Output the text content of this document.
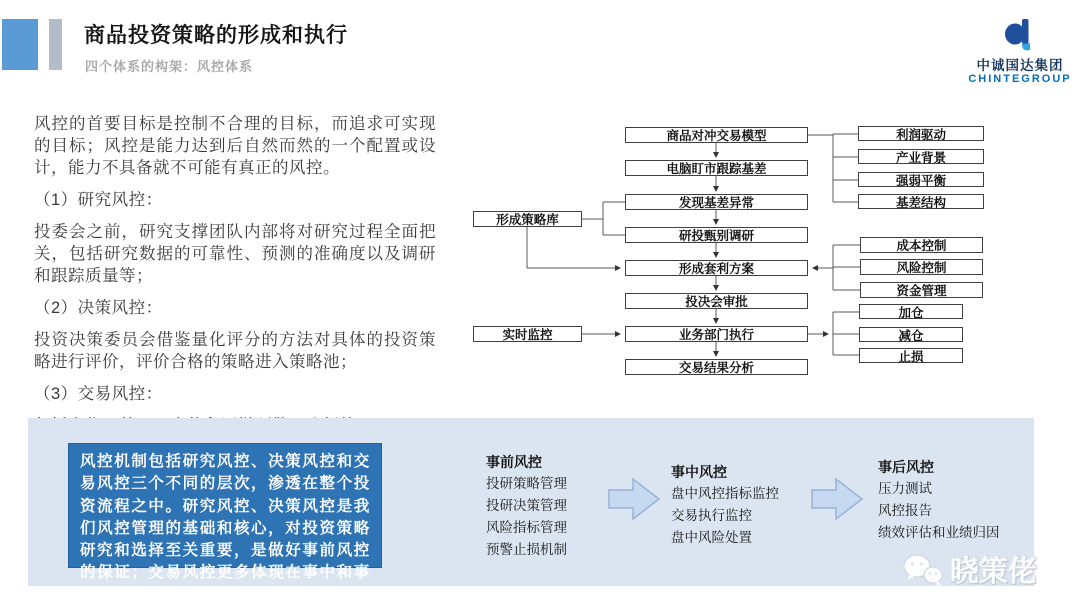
商品投资策略的形成和执行
四个体系的构架：风控体系	中诚国达集团
CHINTEGROUP

风控的首要目标是控制不合理的目标，而追求可实现的目标；风控是能力达到后自然而然的一个配置或设计，能力不具备就不可能有真正的风控。

（1）研究风控：

投委会之前，研究支撑团队内部将对研究过程全面把关，包括研究数据的可靠性、预测的准确度以及调研和跟踪质量等；

（2）决策风控：

投资决策委员会借鉴量化评分的方法对具体的投资策略进行评价，评价合格的策略进入策略池；

（3）交易风控：

形成策略库
实时监控
商品对冲交易模型
电脑盯市跟踪基差
发现基差异常
研投甄别调研
形成套利方案
投决会审批
业务部门执行
交易结果分析
利润驱动
产业背景
强弱平衡
基差结构
成本控制
风险控制
资金管理
加仓
减仓
止损
风控机制包括研究风控、决策风控和交易风控三个不同的层次，渗透在整个投资流程之中。研究风控、决策风控是我们风控管理的基础和核心，对投资策略研究和选择至关重要，是做好事前风控的保证；交易风控更多体现在事中和事后。
事前风控
投研策略管理
投研决策管理
风险指标管理
预警止损机制
事中风控
盘中风控指标监控
交易执行监控
盘中风险处置
事后风控
压力测试
风控报告
绩效评估和业绩归因
晓策佬
